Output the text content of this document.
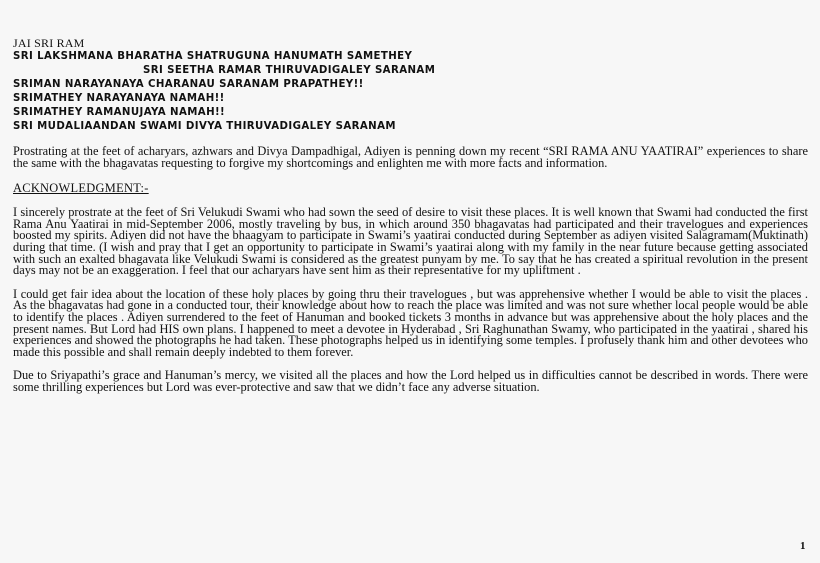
JAI SRI RAM
SRI LAKSHMANA BHARATHA SHATRUGUNA HANUMATH SAMETHEY
SRI SEETHA RAMAR THIRUVADIGALEY SARANAM
SRIMAN NARAYANAYA CHARANAU SARANAM PRAPATHEY!!
SRIMATHEY NARAYANAYA NAMAH!!
SRIMATHEY RAMANUJAYA NAMAH!!
SRI MUDALIAANDAN SWAMI DIVYA THIRUVADIGALEY SARANAM

Prostrating at the feet of acharyars, azhwars and Divya Dampadhigal, Adiyen is penning down my recent “SRI RAMA ANU YAATIRAI” experiences to share the same with the bhagavatas requesting to forgive my shortcomings and enlighten me with more facts and information.

ACKNOWLEDGMENT:-

I sincerely prostrate at the feet of Sri Velukudi Swami who had sown the seed of desire to visit these places. It is well known that Swami had conducted the first Rama Anu Yaatirai in mid-September 2006, mostly traveling by bus, in which around 350 bhagavatas had participated and their travelogues and experiences boosted my spirits. Adiyen did not have the bhaagyam to participate in Swami’s yaatirai conducted during September as adiyen visited Salagramam(Muktinath) during that time. (I wish and pray that I get an opportunity to participate in Swami’s yaatirai along with my family in the near future because getting associated with such an exalted bhagavata like Velukudi Swami is considered as the greatest punyam by me. To say that he has created a spiritual revolution in the present days may not be an exaggeration. I feel that our acharyars have sent him as their representative for my upliftment .

I could get fair idea about the location of these holy places by going thru their travelogues , but was apprehensive whether I would be able to visit the places . As the bhagavatas had gone in a conducted tour, their knowledge about how to reach the place was limited and was not sure whether local people would be able to identify the places . Adiyen surrendered to the feet of Hanuman and booked tickets 3 months in advance but was apprehensive about the holy places and the present names. But Lord had HIS own plans. I happened to meet a devotee in Hyderabad , Sri Raghunathan Swamy, who participated in the yaatirai , shared his experiences and showed the photographs he had taken. These photographs helped us in identifying some temples. I profusely thank him and other devotees who made this possible and shall remain deeply indebted to them forever.

Due to Sriyapathi’s grace and Hanuman’s mercy, we visited all the places and how the Lord helped us in difficulties cannot be described in words. There were some thrilling experiences but Lord was ever-protective and saw that we didn’t face any adverse situation.

1
